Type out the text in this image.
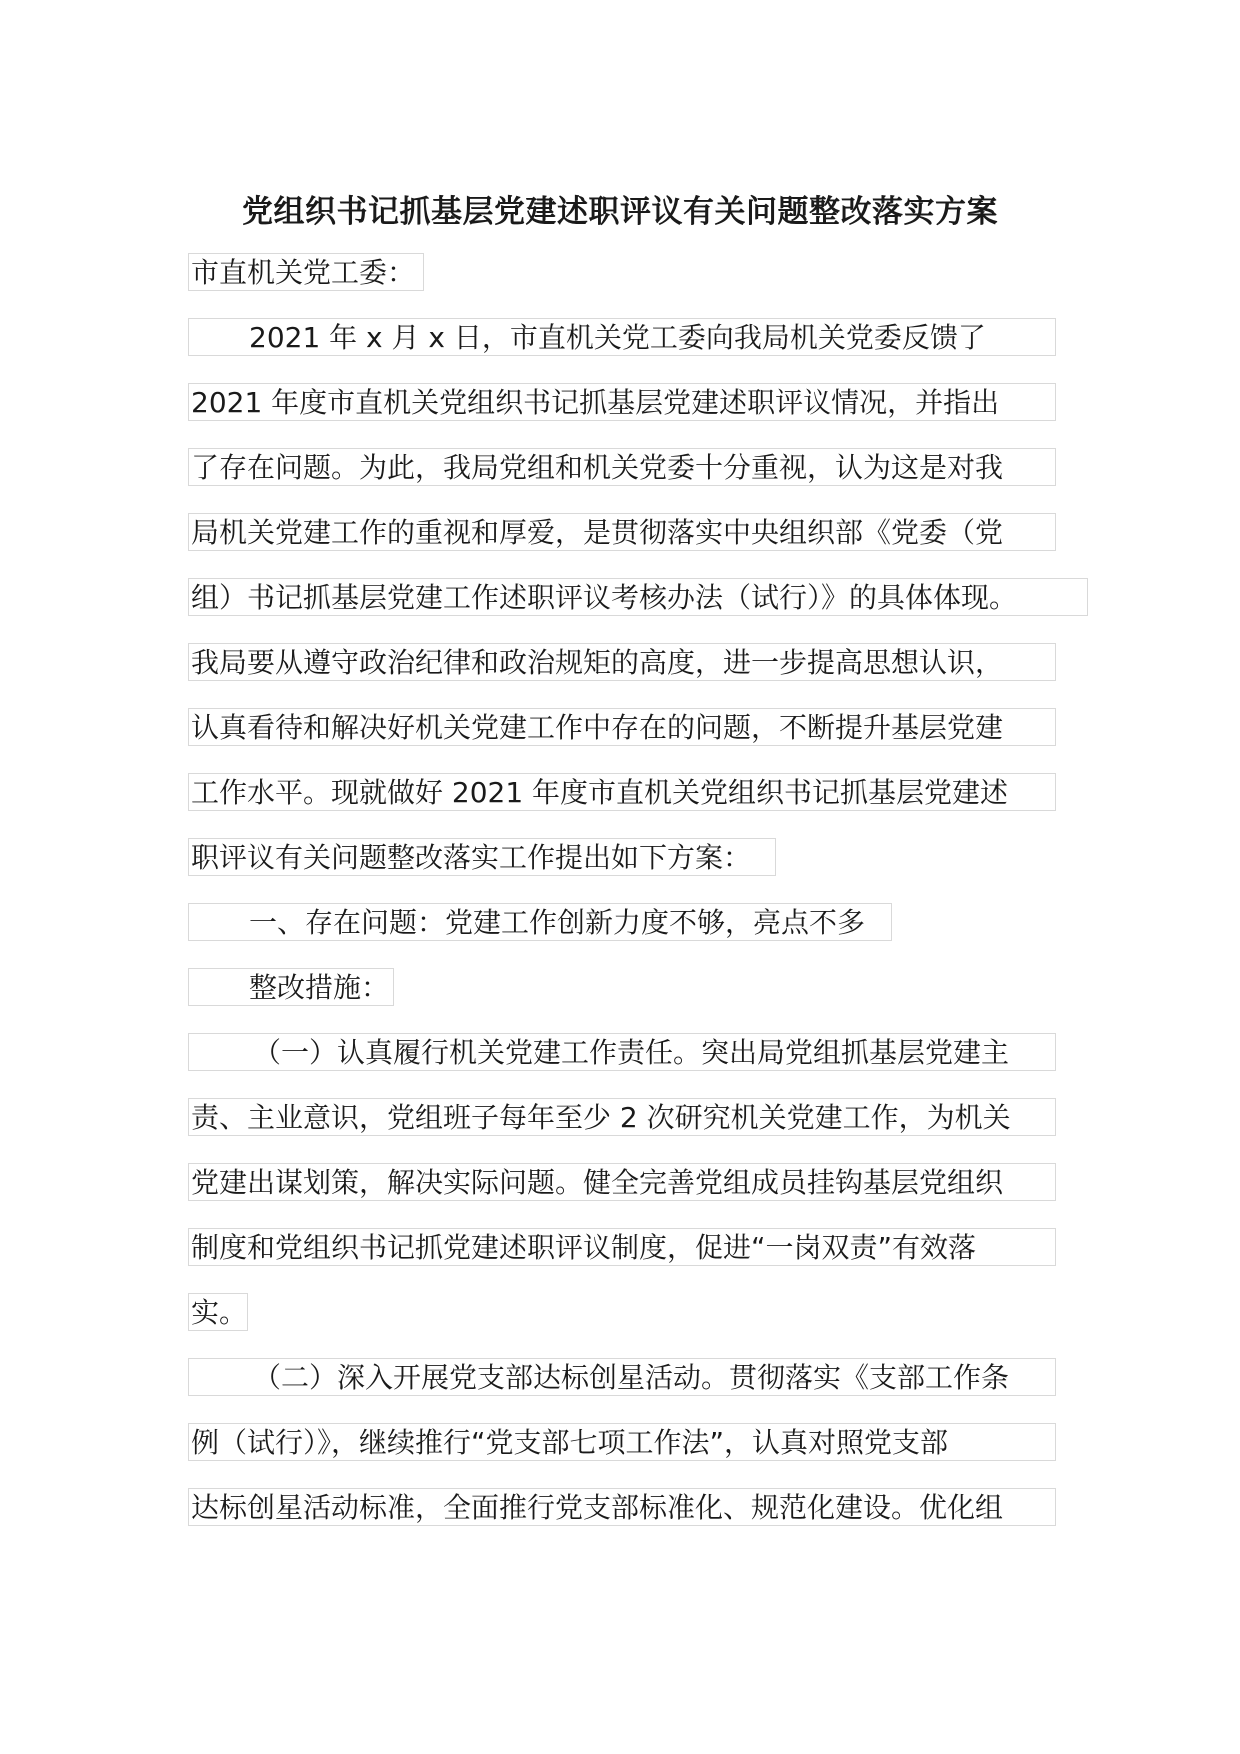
党组织书记抓基层党建述职评议有关问题整改落实方案
市直机关党工委：
2021 年 x 月 x 日，市直机关党工委向我局机关党委反馈了
2021 年度市直机关党组织书记抓基层党建述职评议情况，并指出
了存在问题。为此，我局党组和机关党委十分重视，认为这是对我
局机关党建工作的重视和厚爱，是贯彻落实中央组织部《党委（党
组）书记抓基层党建工作述职评议考核办法（试行）》的具体体现。
我局要从遵守政治纪律和政治规矩的高度，进一步提高思想认识，
认真看待和解决好机关党建工作中存在的问题，不断提升基层党建
工作水平。现就做好 2021 年度市直机关党组织书记抓基层党建述
职评议有关问题整改落实工作提出如下方案：
一、存在问题：党建工作创新力度不够，亮点不多
整改措施：
（一）认真履行机关党建工作责任。突出局党组抓基层党建主
责、主业意识，党组班子每年至少 2 次研究机关党建工作，为机关
党建出谋划策，解决实际问题。健全完善党组成员挂钩基层党组织
制度和党组织书记抓党建述职评议制度，促进“一岗双责”有效落
实。
（二）深入开展党支部达标创星活动。贯彻落实《支部工作条
例（试行）》，继续推行“党支部七项工作法”，认真对照党支部
达标创星活动标准，全面推行党支部标准化、规范化建设。优化组
